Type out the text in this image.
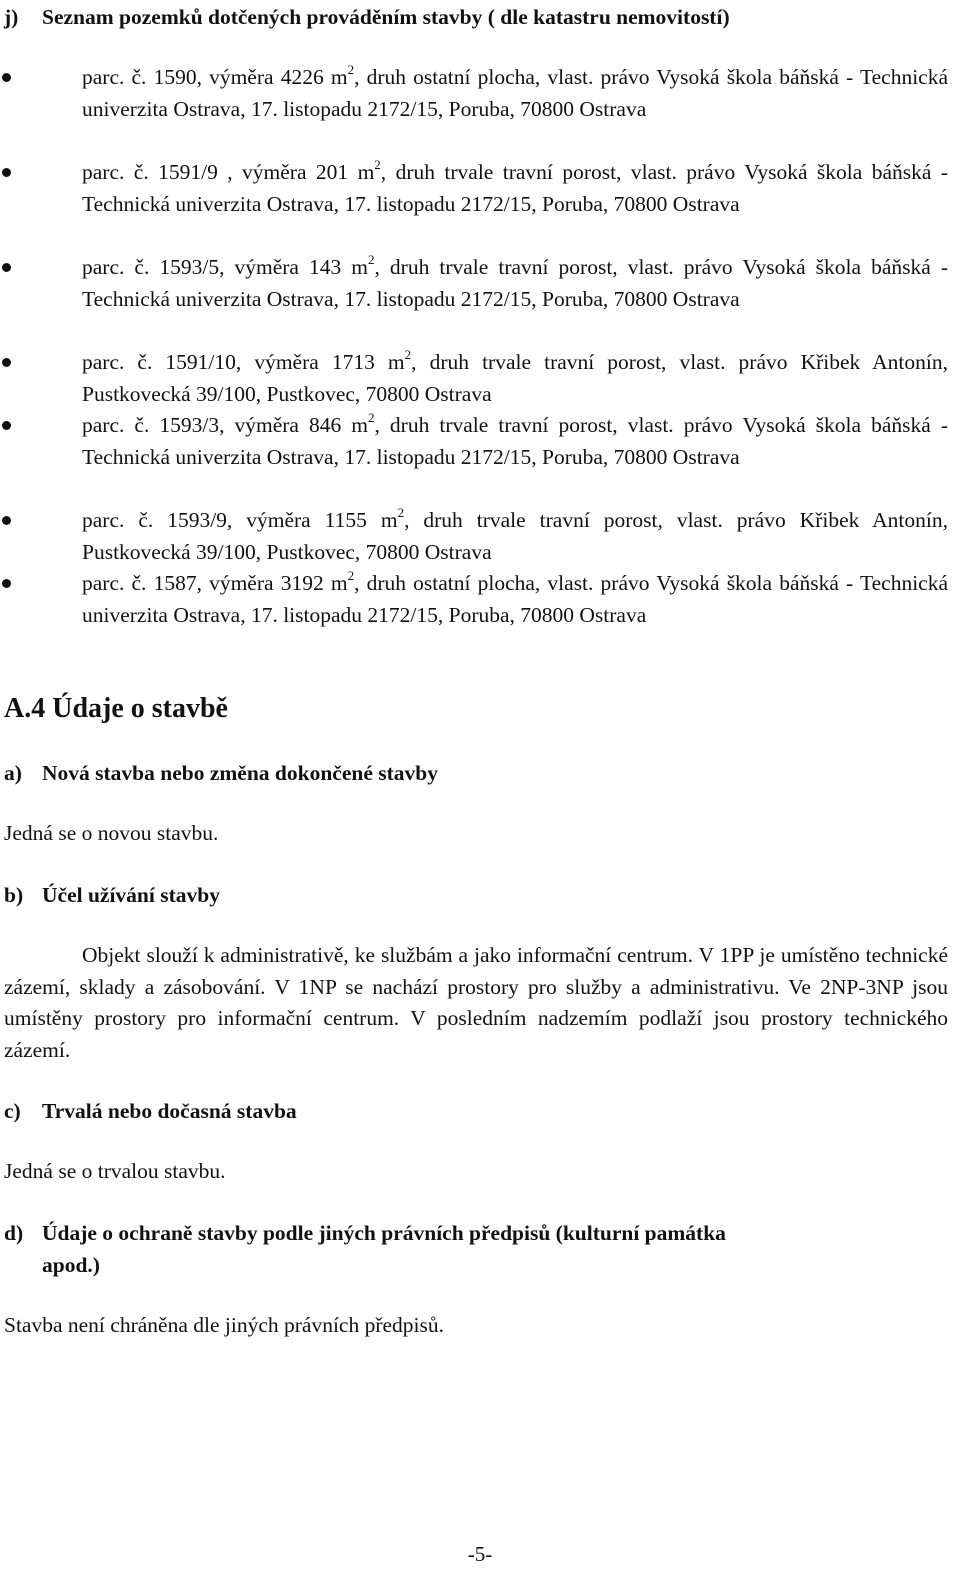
j) Seznam pozemků dotčených prováděním stavby ( dle katastru nemovitostí)
parc. č. 1590, výměra 4226 $m^2$, druh ostatní plocha, vlast. právo Vysoká škola báňská - Technická univerzita Ostrava, 17. listopadu 2172/15, Poruba, 70800 Ostrava
parc. č. 1591/9 , výměra 201 $m^2$, druh trvale travní porost, vlast. právo Vysoká škola báňská - Technická univerzita Ostrava, 17. listopadu 2172/15, Poruba, 70800 Ostrava
parc. č. 1593/5, výměra 143 $m^2$, druh trvale travní porost, vlast. právo Vysoká škola báňská - Technická univerzita Ostrava, 17. listopadu 2172/15, Poruba, 70800 Ostrava
parc. č. 1591/10, výměra 1713 $m^2$, druh trvale travní porost, vlast. právo Křibek Antonín, Pustkovecká 39/100, Pustkovec, 70800 Ostrava
parc. č. 1593/3, výměra 846 $m^2$, druh trvale travní porost, vlast. právo Vysoká škola báňská - Technická univerzita Ostrava, 17. listopadu 2172/15, Poruba, 70800 Ostrava
parc. č. 1593/9, výměra 1155 $m^2$, druh trvale travní porost, vlast. právo Křibek Antonín, Pustkovecká 39/100, Pustkovec, 70800 Ostrava
parc. č. 1587, výměra 3192 $m^2$, druh ostatní plocha, vlast. právo Vysoká škola báňská - Technická univerzita Ostrava, 17. listopadu 2172/15, Poruba, 70800 Ostrava
A.4 Údaje o stavbě
a) Nová stavba nebo změna dokončené stavby
Jedná se o novou stavbu.
b) Účel užívání stavby
Objekt slouží k administrativě, ke službám a jako informační centrum. V 1PP je umístěno technické zázemí, sklady a zásobování. V 1NP se nachází prostory pro služby a administrativu. Ve 2NP-3NP jsou umístěny prostory pro informační centrum. V posledním nadzemím podlaží jsou prostory technického zázemí.
c) Trvalá nebo dočasná stavba
Jedná se o trvalou stavbu.
d) Údaje o ochraně stavby podle jiných právních předpisů (kulturní památka
apod.)
Stavba není chráněna dle jiných právních předpisů.
-5-
